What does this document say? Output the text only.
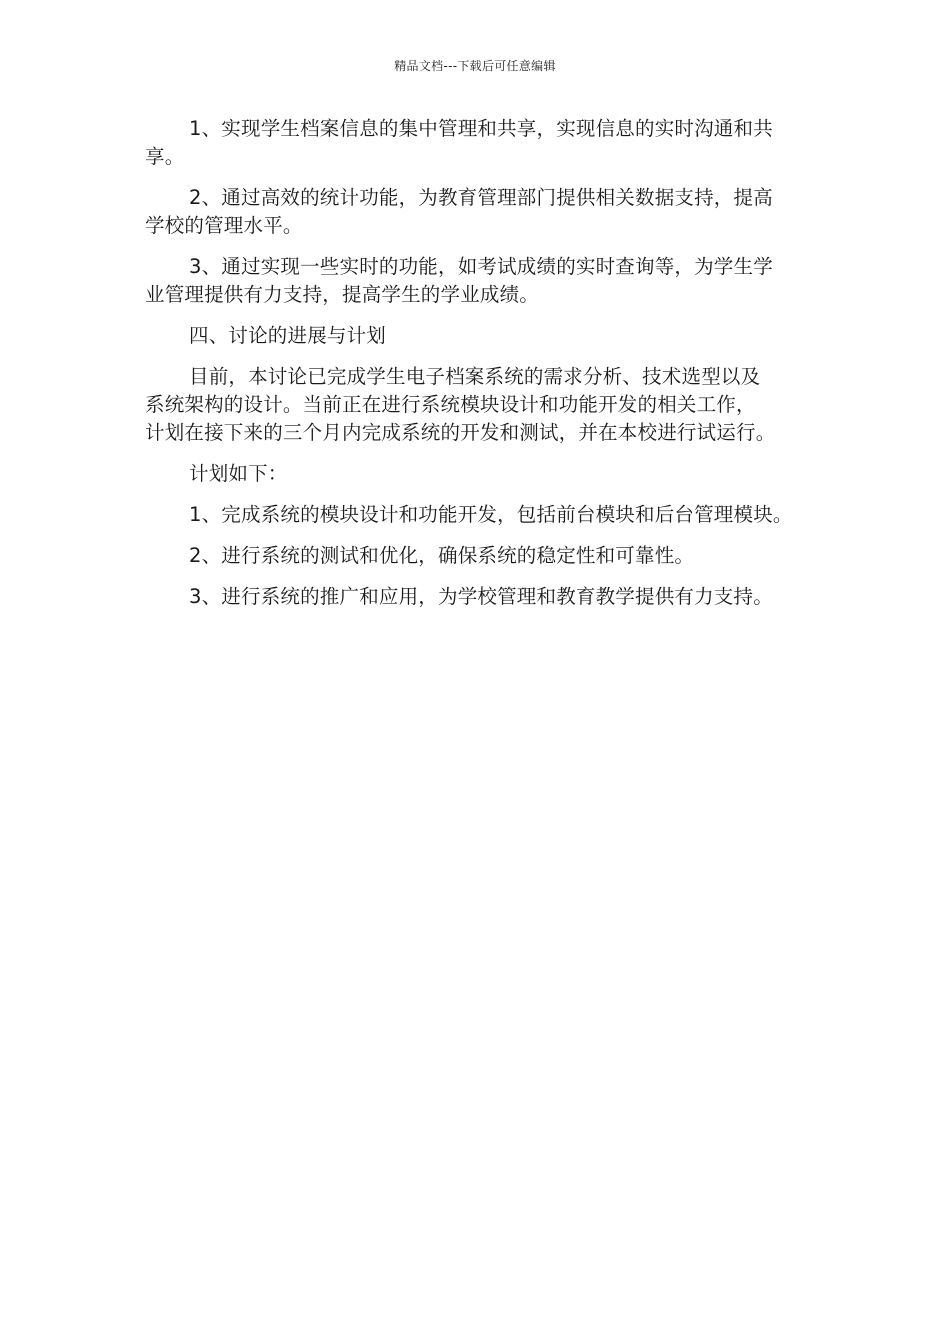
精品文档---下载后可任意编辑

1、实现学生档案信息的集中管理和共享，实现信息的实时沟通和共
享。

2、通过高效的统计功能，为教育管理部门提供相关数据支持，提高
学校的管理水平。

3、通过实现一些实时的功能，如考试成绩的实时查询等，为学生学
业管理提供有力支持，提高学生的学业成绩。

四、讨论的进展与计划

目前，本讨论已完成学生电子档案系统的需求分析、技术选型以及
系统架构的设计。当前正在进行系统模块设计和功能开发的相关工作，
计划在接下来的三个月内完成系统的开发和测试，并在本校进行试运行。

计划如下：

1、完成系统的模块设计和功能开发，包括前台模块和后台管理模块。

2、进行系统的测试和优化，确保系统的稳定性和可靠性。

3、进行系统的推广和应用，为学校管理和教育教学提供有力支持。
